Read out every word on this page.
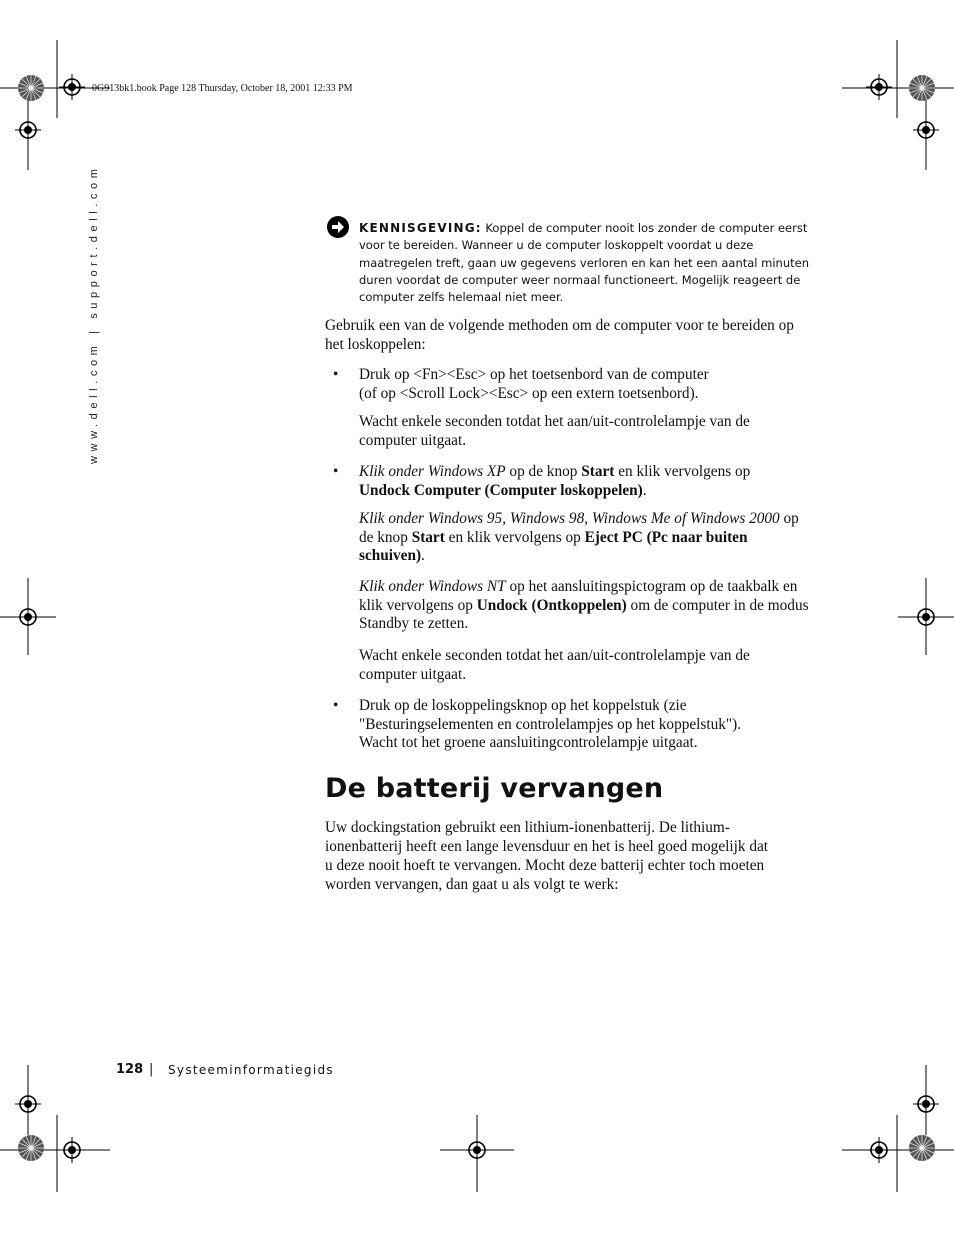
0G913bk1.book Page 128 Thursday, October 18, 2001 12:33 PM
www.dell.com | support.dell.com	KENNISGEVING: Koppel de computer nooit los zonder de computer eerst voor te bereiden. Wanneer u de computer loskoppelt voordat u deze maatregelen treft, gaan uw gegevens verloren en kan het een aantal minuten duren voordat de computer weer normaal functioneert. Mogelijk reageert de computer zelfs helemaal niet meer.
Gebruik een van de volgende methoden om de computer voor te bereiden op het loskoppelen:
• Druk op <Fn><Esc> op het toetsenbord van de computer
(of op <Scroll Lock><Esc> op een extern toetsenbord).
Wacht enkele seconden totdat het aan/uit-controlelampje van de computer uitgaat.
• Klik onder Windows XP op de knop Start en klik vervolgens op Undock Computer (Computer loskoppelen).
Klik onder Windows 95, Windows 98, Windows Me of Windows 2000 op de knop Start en klik vervolgens op Eject PC (Pc naar buiten schuiven).
Klik onder Windows NT op het aansluitingspictogram op de taakbalk en klik vervolgens op Undock (Ontkoppelen) om de computer in de modus Standby te zetten.
Wacht enkele seconden totdat het aan/uit-controlelampje van de computer uitgaat.
• Druk op de loskoppelingsknop op het koppelstuk (zie "Besturingselementen en controlelampjes op het koppelstuk"). Wacht tot het groene aansluitingcontrolelampje uitgaat.
De batterij vervangen
Uw dockingstation gebruikt een lithium-ionenbatterij. De lithium-ionenbatterij heeft een lange levensduur en het is heel goed mogelijk dat u deze nooit hoeft te vervangen. Mocht deze batterij echter toch moeten worden vervangen, dan gaat u als volgt te werk:
128 | Systeeminformatiegids
